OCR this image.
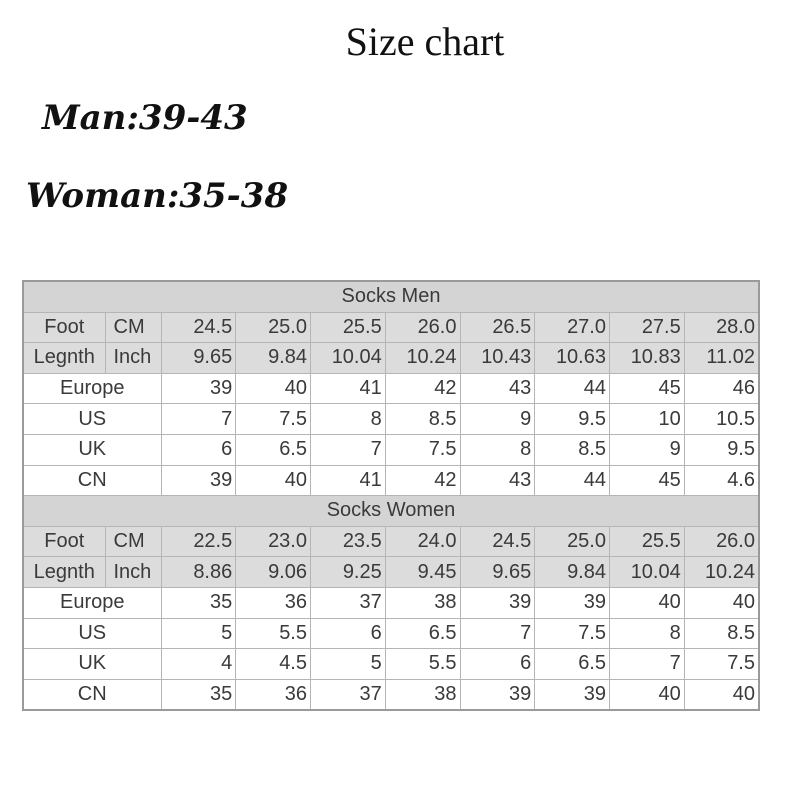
Size chart
Man:39-43
Woman:35-38
Socks Men									
Foot	CM	24.5	25.0	25.5	26.0	26.5	27.0	27.5	28.0
Legnth	Inch	9.65	9.84	10.04	10.24	10.43	10.63	10.83	11.02
Europe		39	40	41	42	43	44	45	46
US		7	7.5	8	8.5	9	9.5	10	10.5
UK		6	6.5	7	7.5	8	8.5	9	9.5
CN		39	40	41	42	43	44	45	4.6
Socks Women									
Foot	CM	22.5	23.0	23.5	24.0	24.5	25.0	25.5	26.0
Legnth	Inch	8.86	9.06	9.25	9.45	9.65	9.84	10.04	10.24
Europe		35	36	37	38	39	39	40	40
US		5	5.5	6	6.5	7	7.5	8	8.5
UK		4	4.5	5	5.5	6	6.5	7	7.5
CN		35	36	37	38	39	39	40	40
